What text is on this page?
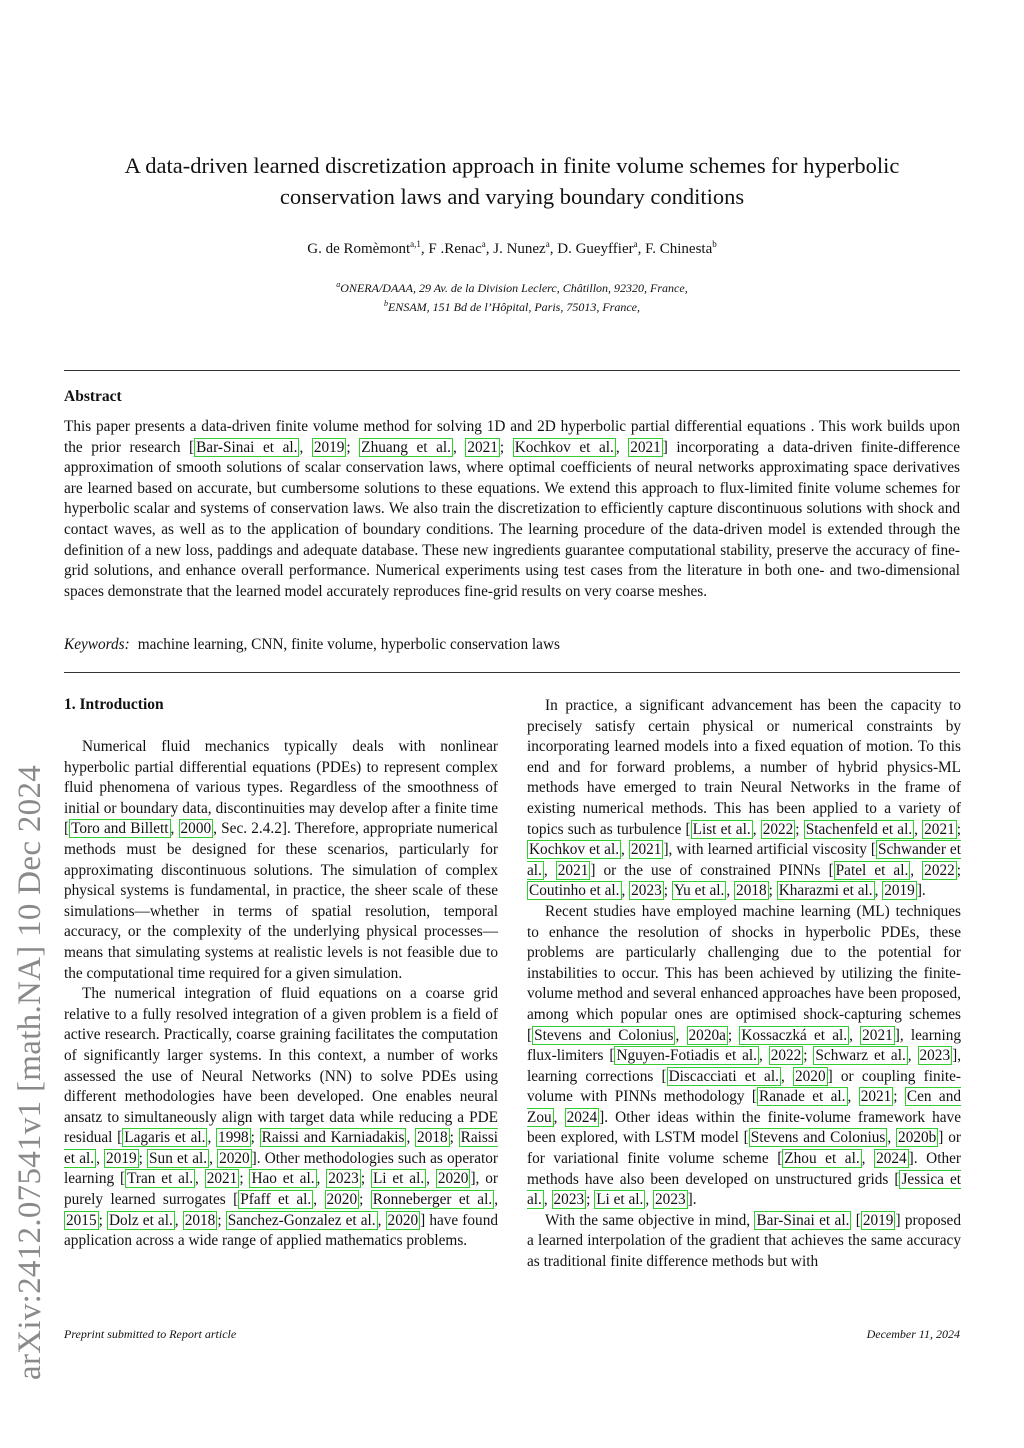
arXiv:2412.07541v1 [math.NA] 10 Dec 2024
A data-driven learned discretization approach in finite volume schemes for hyperbolic
conservation laws and varying boundary conditions
G. de Romèmont$^{a,1}$, F .Renac$^a$, J. Nunez$^a$, D. Gueyffier$^a$, F. Chinesta$^b$
$^a$ONERA/DAAA, 29 Av. de la Division Leclerc, Châtillon, 92320, France,
$^b$ENSAM, 151 Bd de l’Hôpital, Paris, 75013, France,
Abstract
This paper presents a data-driven finite volume method for solving 1D and 2D hyperbolic partial differential equations . This work builds upon the prior research [ Bar-Sinai et al. , 2019 ; Zhuang et al. , 2021 ; Kochkov et al. , 2021 ] incorporating a data-driven finite-difference approximation of smooth solutions of scalar conservation laws, where optimal coefficients of neural networks approximating space derivatives are learned based on accurate, but cumbersome solutions to these equations. We extend this approach to flux-limited finite volume schemes for hyperbolic scalar and systems of conservation laws. We also train the discretization to efficiently capture discontinuous solutions with shock and contact waves, as well as to the application of boundary conditions. The learning procedure of the data-driven model is extended through the definition of a new loss, paddings and adequate database. These new ingredients guarantee computational stability, preserve the accuracy of fine-grid solutions, and enhance overall performance. Numerical experiments using test cases from the literature in both one- and two-dimensional spaces demonstrate that the learned model accurately reproduces fine-grid results on very coarse meshes.
Keywords: machine learning, CNN, finite volume, hyperbolic conservation laws
1. Introduction

Numerical fluid mechanics typically deals with nonlinear hyperbolic partial differential equations (PDEs) to represent complex fluid phenomena of various types. Regardless of the smoothness of initial or boundary data, discontinuities may develop after a finite time [ Toro and Billett , 2000 , Sec. 2.4.2]. Therefore, appropriate numerical methods must be designed for these scenarios, particularly for approximating discontinuous solutions. The simulation of complex physical systems is fundamental, in practice, the sheer scale of these simulations—whether in terms of spatial resolution, temporal accuracy, or the complexity of the underlying physical processes—means that simulating systems at realistic levels is not feasible due to the computational time required for a given simulation.

The numerical integration of fluid equations on a coarse grid relative to a fully resolved integration of a given problem is a field of active research. Practically, coarse graining facilitates the computation of significantly larger systems. In this context, a number of works assessed the use of Neural Networks (NN) to solve PDEs using different methodologies have been developed. One enables neural ansatz to simultaneously align with target data while reducing a PDE residual [ Lagaris et al. , 1998 ; Raissi and Karniadakis , 2018 ; Raissi et al. , 2019 ; Sun et al. , 2020 ]. Other methodologies such as operator learning [ Tran et al. , 2021 ; Hao et al. , 2023 ; Li et al. , 2020 ], or purely learned surrogates [ Pfaff et al. , 2020 ; Ronneberger et al. , 2015 ; Dolz et al. , 2018 ; Sanchez-Gonzalez et al. , 2020 ] have found application across a wide range of applied mathematics problems.

In practice, a significant advancement has been the capacity to precisely satisfy certain physical or numerical constraints by incorporating learned models into a fixed equation of motion. To this end and for forward problems, a number of hybrid physics-ML methods have emerged to train Neural Networks in the frame of existing numerical methods. This has been applied to a variety of topics such as turbulence [ List et al. , 2022 ; Stachenfeld et al. , 2021 ; Kochkov et al. , 2021 ], with learned artificial viscosity [ Schwander et al. , 2021 ] or the use of constrained PINNs [ Patel et al. , 2022 ; Coutinho et al. , 2023 ; Yu et al. , 2018 ; Kharazmi et al. , 2019 ].

Recent studies have employed machine learning (ML) techniques to enhance the resolution of shocks in hyperbolic PDEs, these problems are particularly challenging due to the potential for instabilities to occur. This has been achieved by utilizing the finite-volume method and several enhanced approaches have been proposed, among which popular ones are optimised shock-capturing schemes [ Stevens and Colonius , 2020a ; Kossaczká et al. , 2021 ], learning flux-limiters [ Nguyen-Fotiadis et al. , 2022 ; Schwarz et al. , 2023 ], learning corrections [ Discacciati et al. , 2020 ] or coupling finite-volume with PINNs methodology [ Ranade et al. , 2021 ; Cen and Zou , 2024 ]. Other ideas within the finite-volume framework have been explored, with LSTM model [ Stevens and Colonius , 2020b ] or for variational finite volume scheme [ Zhou et al. , 2024 ]. Other methods have also been developed on unstructured grids [ Jessica et al. , 2023 ; Li et al. , 2023 ].

With the same objective in mind, Bar-Sinai et al. [ 2019 ] proposed a learned interpolation of the gradient that achieves the same accuracy as traditional finite difference methods but with

Preprint submitted to Report article	December 11, 2024
